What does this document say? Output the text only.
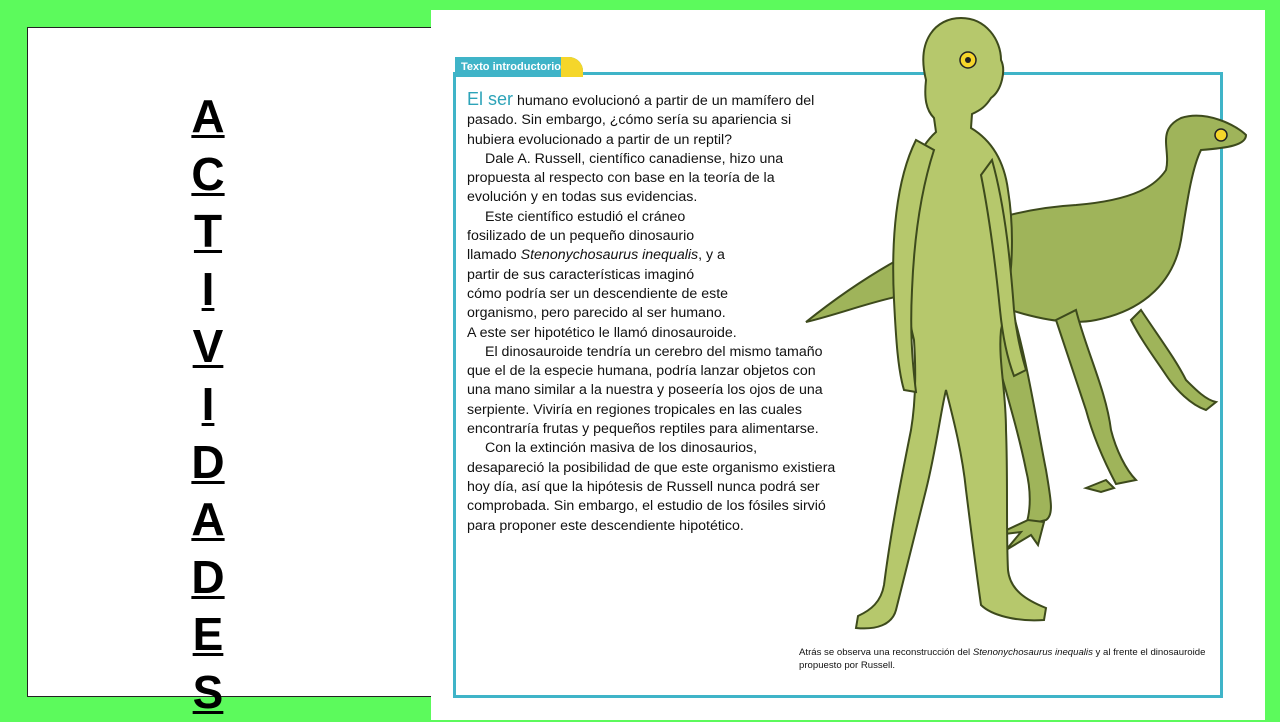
A
C
T
I
V
I
D
A
D
E
S
Texto introductorio

El ser humano evolucionó a partir de un mamífero del pasado. Sin embargo, ¿cómo sería su apariencia si hubiera evolucionado a partir de un reptil?

Dale A. Russell, científico canadiense, hizo una propuesta al respecto con base en la teoría de la evolución y en todas sus evidencias.

Este científico estudió el cráneo fosilizado de un pequeño dinosaurio llamado Stenonychosaurus inequalis, y a partir de sus características imaginó cómo podría ser un descendiente de este organismo, pero parecido al ser humano.

A este ser hipotético le llamó dinosauroide.

El dinosauroide tendría un cerebro del mismo tamaño que el de la especie humana, podría lanzar objetos con una mano similar a la nuestra y poseería los ojos de una serpiente. Viviría en regiones tropicales en las cuales encontraría frutas y pequeños reptiles para alimentarse.

Con la extinción masiva de los dinosaurios, desapareció la posibilidad de que este organismo existiera hoy día, así que la hipótesis de Russell nunca podrá ser comprobada. Sin embargo, el estudio de los fósiles sirvió para proponer este descendiente hipotético.

Atrás se observa una reconstrucción del Stenonychosaurus inequalis y al frente el dinosauroide propuesto por Russell.
